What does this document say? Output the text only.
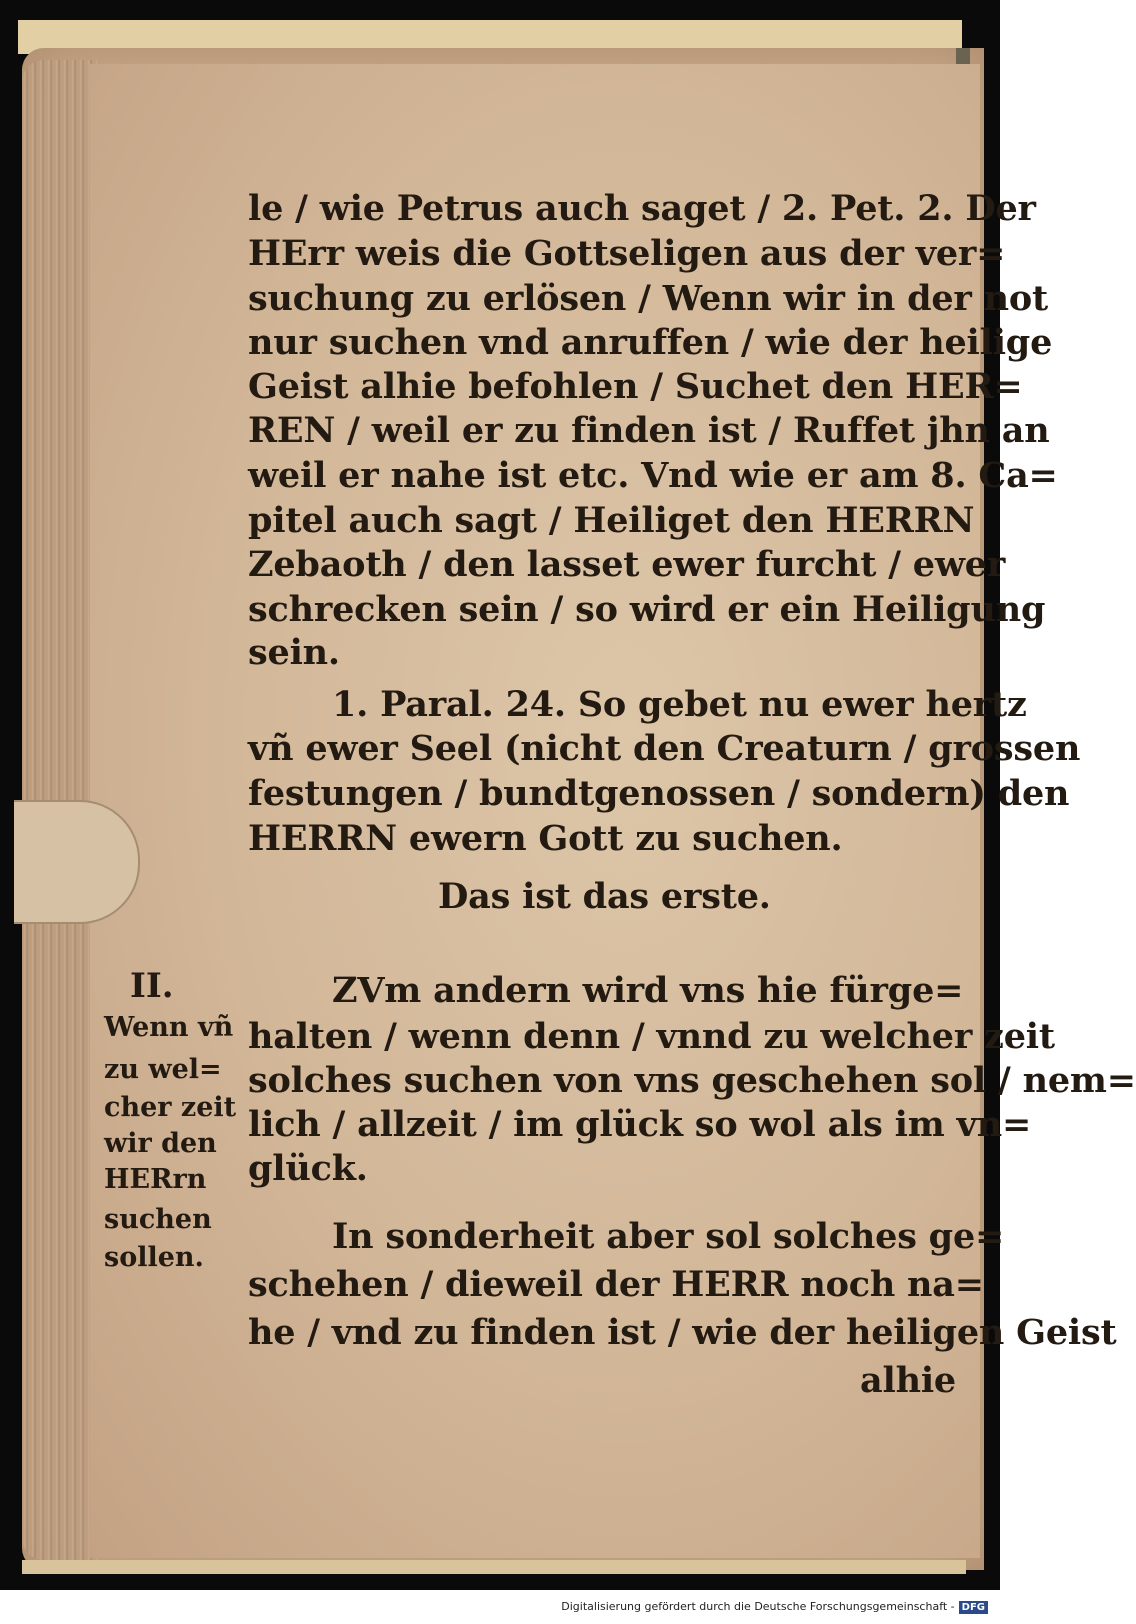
le / wie Petrus auch saget / 2. Pet. 2. Der
HErr weis die Gottseligen aus der ver=
suchung zu erlösen / Wenn wir in der not
nur suchen vnd anruffen / wie der heilige
Geist alhie befohlen / Suchet den HER=
REN / weil er zu finden ist / Ruffet jhn an
weil er nahe ist etc. Vnd wie er am 8. Ca=
pitel auch sagt / Heiliget den HERRN
Zebaoth / den lasset ewer furcht / ewer
schrecken sein / so wird er ein Heiligung
sein.
1. Paral. 24. So gebet nu ewer hertz
vñ ewer Seel (nicht den Creaturn / grossen
festungen / bundtgenossen / sondern) den
HERRN ewern Gott zu suchen.
Das ist das erste.
ZVm andern wird vns hie fürge=
halten / wenn denn / vnnd zu welcher zeit
solches suchen von vns geschehen sol / nem=
lich / allzeit / im glück so wol als im vn=
glück.
In sonderheit aber sol solches ge=
schehen / dieweil der HERR noch na=
he / vnd zu finden ist / wie der heiligen Geist
alhie
II.
Wenn vñ
zu wel=
cher zeit
wir den
HERrn
suchen
sollen.
Digitalisierung gefördert durch die Deutsche Forschungsgemeinschaft - DFG
